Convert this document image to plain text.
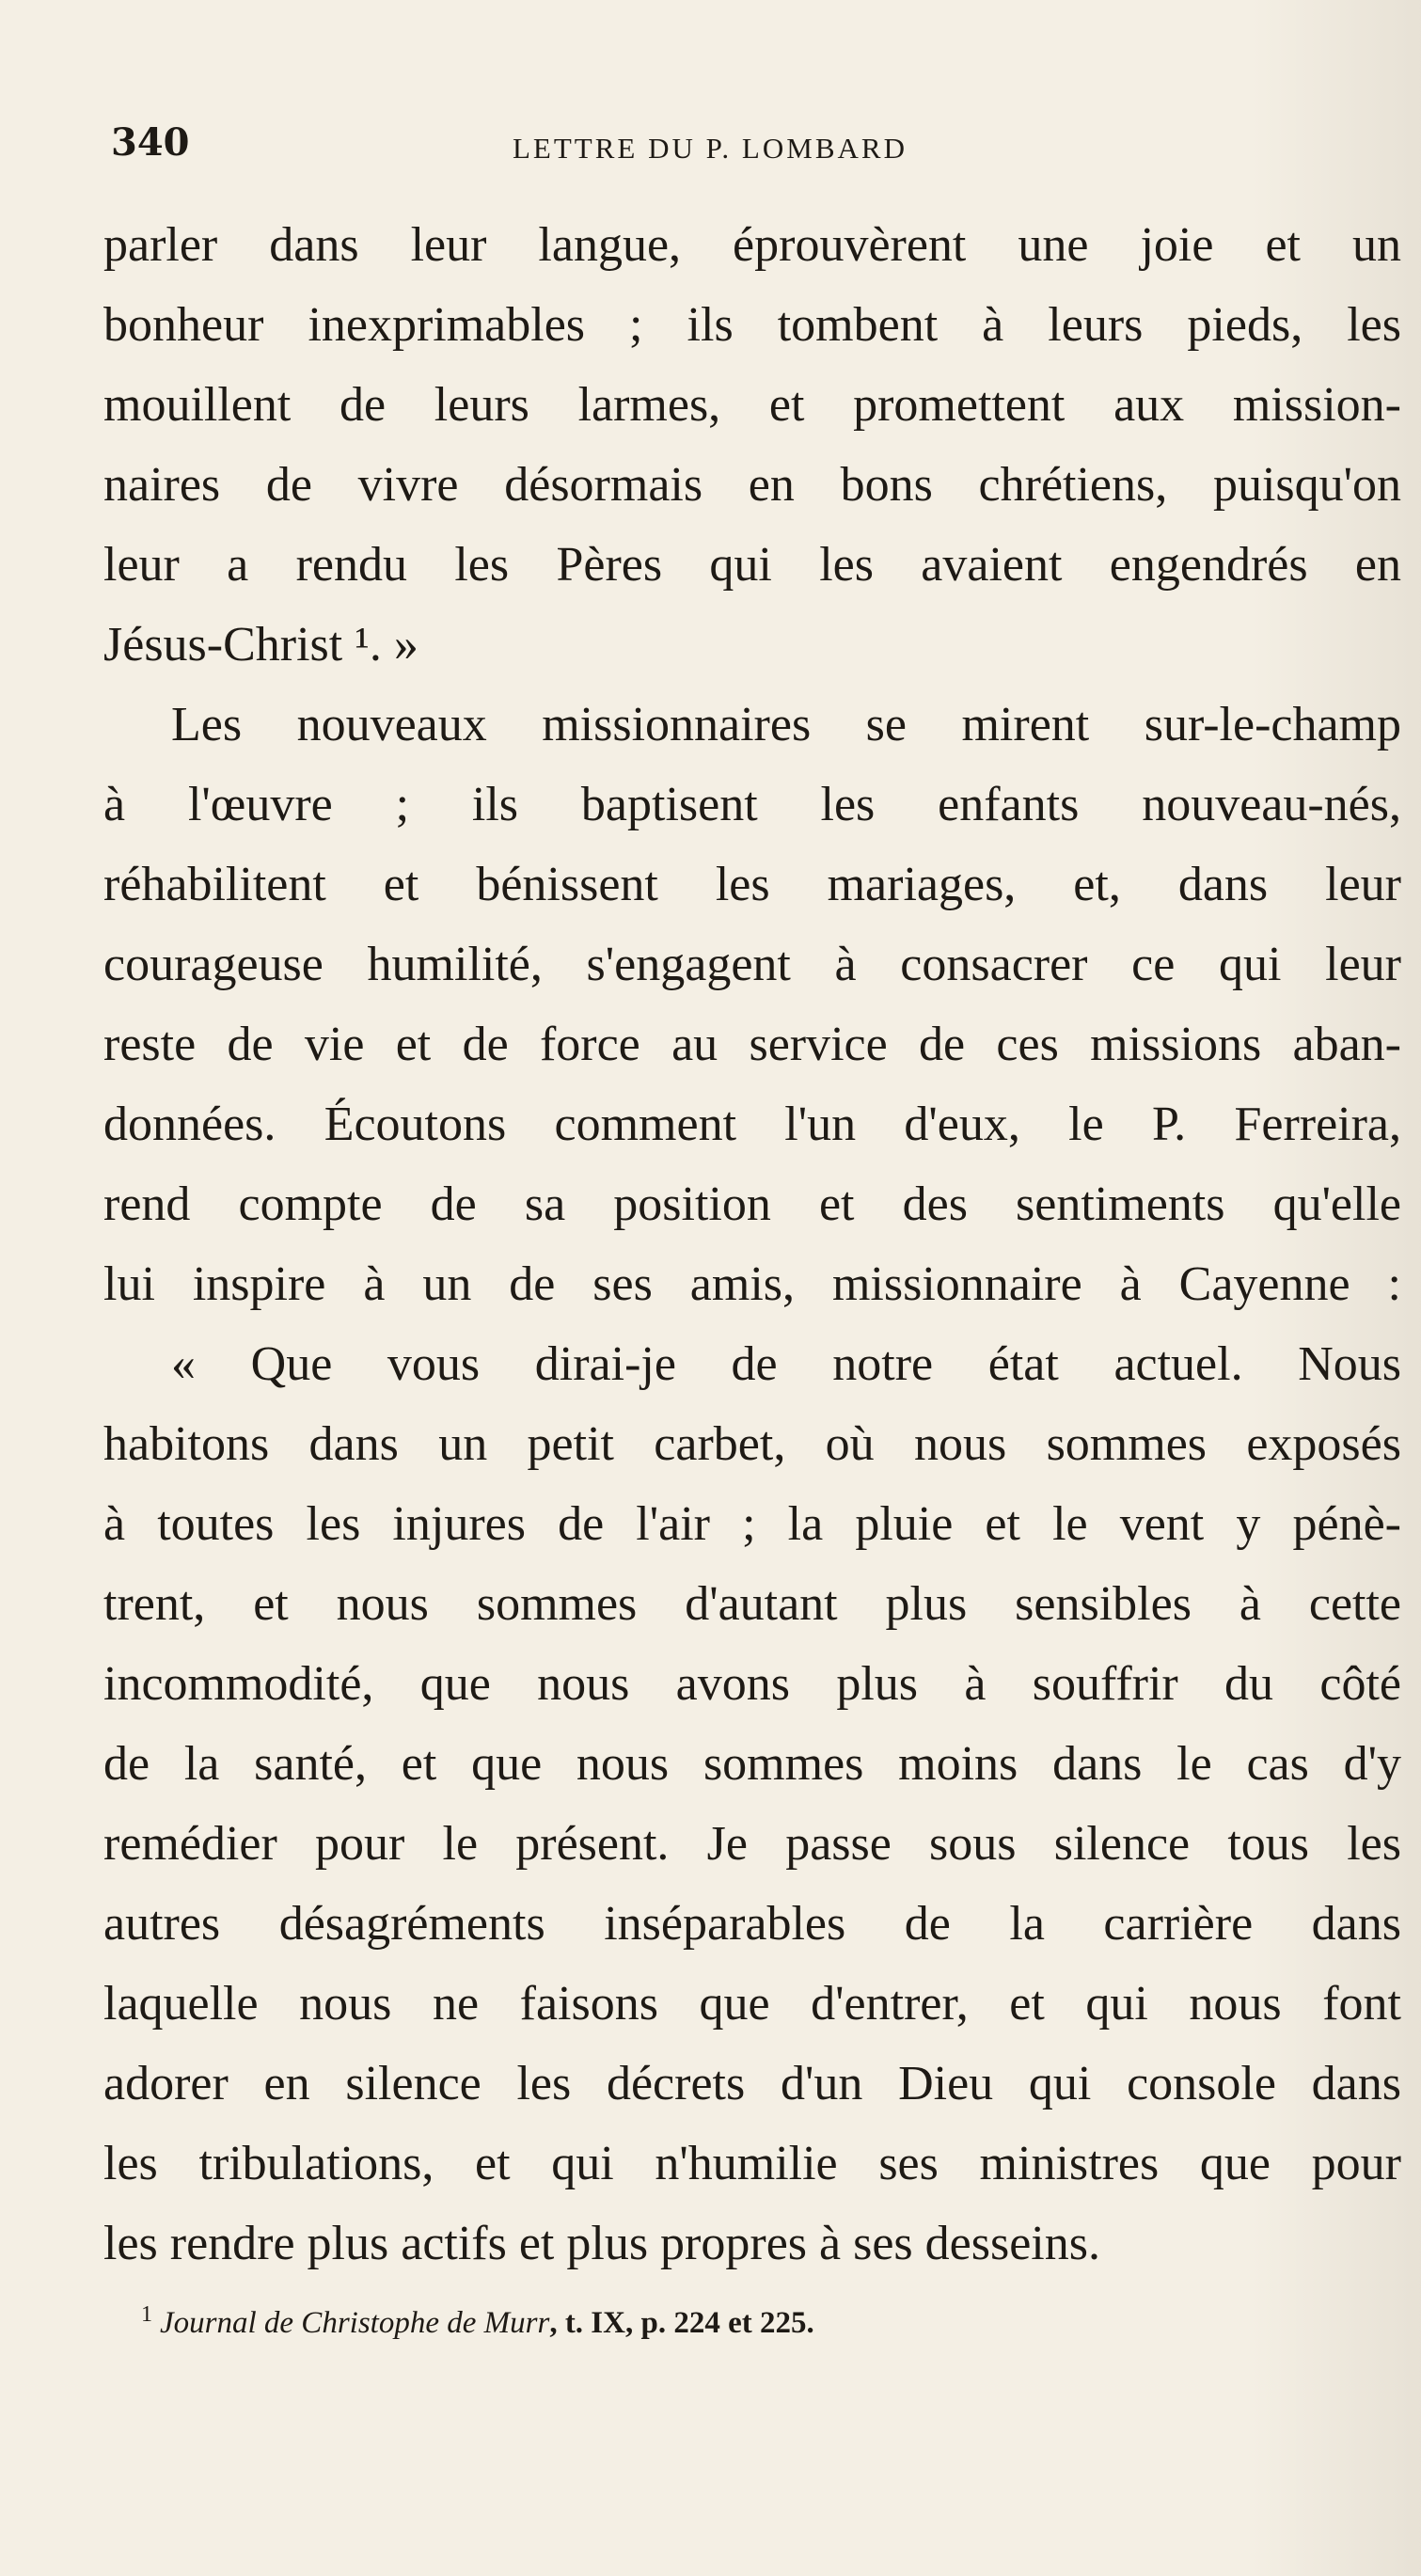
340	LETTRE DU P. LOMBARD
parler dans leur langue, éprouvèrent une joie et un
bonheur inexprimables ; ils tombent à leurs pieds, les
mouillent de leurs larmes, et promettent aux mission-
naires de vivre désormais en bons chrétiens, puisqu'on
leur a rendu les Pères qui les avaient engendrés en
Jésus-Christ ¹. »
Les nouveaux missionnaires se mirent sur-le-champ
à l'œuvre ; ils baptisent les enfants nouveau-nés,
réhabilitent et bénissent les mariages, et, dans leur
courageuse humilité, s'engagent à consacrer ce qui leur
reste de vie et de force au service de ces missions aban-
données. Écoutons comment l'un d'eux, le P. Ferreira,
rend compte de sa position et des sentiments qu'elle
lui inspire à un de ses amis, missionnaire à Cayenne :
« Que vous dirai-je de notre état actuel. Nous
habitons dans un petit carbet, où nous sommes exposés
à toutes les injures de l'air ; la pluie et le vent y pénè-
trent, et nous sommes d'autant plus sensibles à cette
incommodité, que nous avons plus à souffrir du côté
de la santé, et que nous sommes moins dans le cas d'y
remédier pour le présent. Je passe sous silence tous les
autres désagréments inséparables de la carrière dans
laquelle nous ne faisons que d'entrer, et qui nous font
adorer en silence les décrets d'un Dieu qui console dans
les tribulations, et qui n'humilie ses ministres que pour
les rendre plus actifs et plus propres à ses desseins.
$^1$ Journal de Christophe de Murr, t. IX, p. 224 et 225.
